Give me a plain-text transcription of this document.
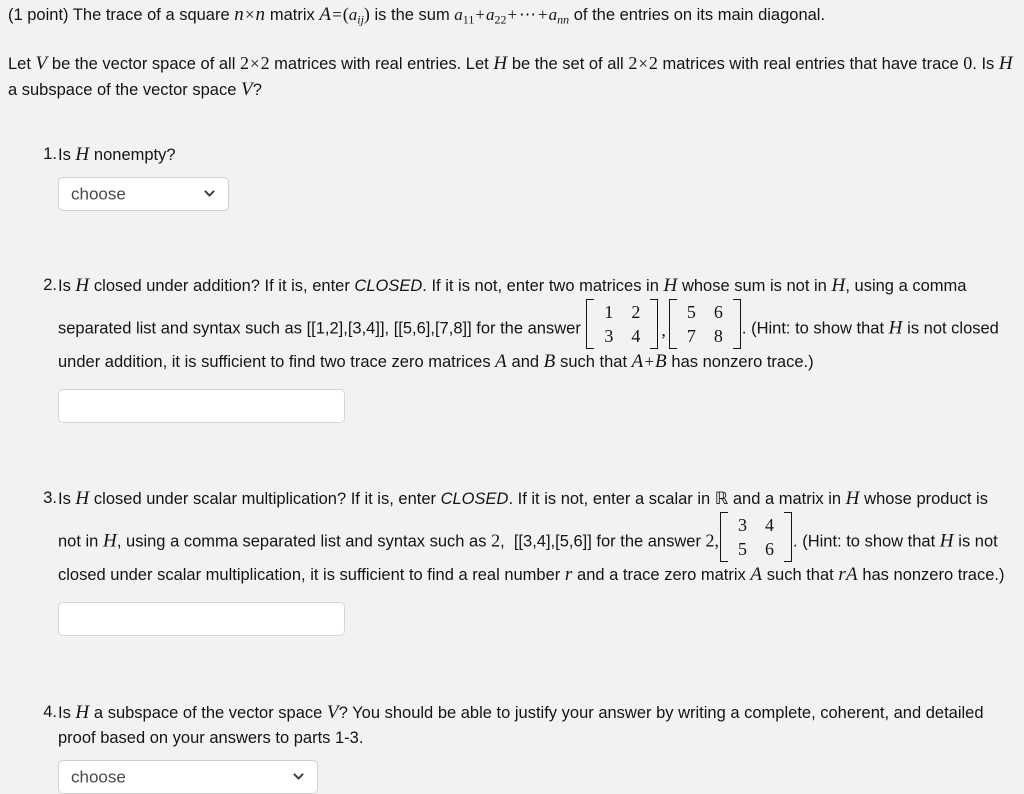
(1 point) The trace of a square n×n matrix $A=(a_{ij})$ is the sum $a_{11}+a_{22}+$ ⋯ $+a_{nn}$ of the entries on its main diagonal.
Let V be the vector space of all 2×2 matrices with real entries. Let H be the set of all 2×2 matrices with real entries that have trace 0. Is H a subspace of the vector space V?
1. Is H nonempty?
choose
2. Is H closed under addition? If it is, enter CLOSED. If it is not, enter two matrices in H whose sum is not in H, using a comma separated list and syntax such as [[1,2],[3,4]], [[5,6],[7,8]] for the answer
1	2
3	4 ,
5	6
7	8 . (Hint: to show that H is not closed under addition, it is sufficient to find two trace zero matrices A and B such that A+B has nonzero trace.)
3. Is H closed under scalar multiplication? If it is, enter CLOSED. If it is not, enter a scalar in ℝ and a matrix in H whose product is not in H, using a comma separated list and syntax such as 2,  [[3,4],[5,6]] for the answer 2,
3	4
5	6 . (Hint: to show that H is not closed under scalar multiplication, it is sufficient to find a real number r and a trace zero matrix A such that rA has nonzero trace.)
4. Is H a subspace of the vector space V? You should be able to justify your answer by writing a complete, coherent, and detailed proof based on your answers to parts 1-3.
choose
